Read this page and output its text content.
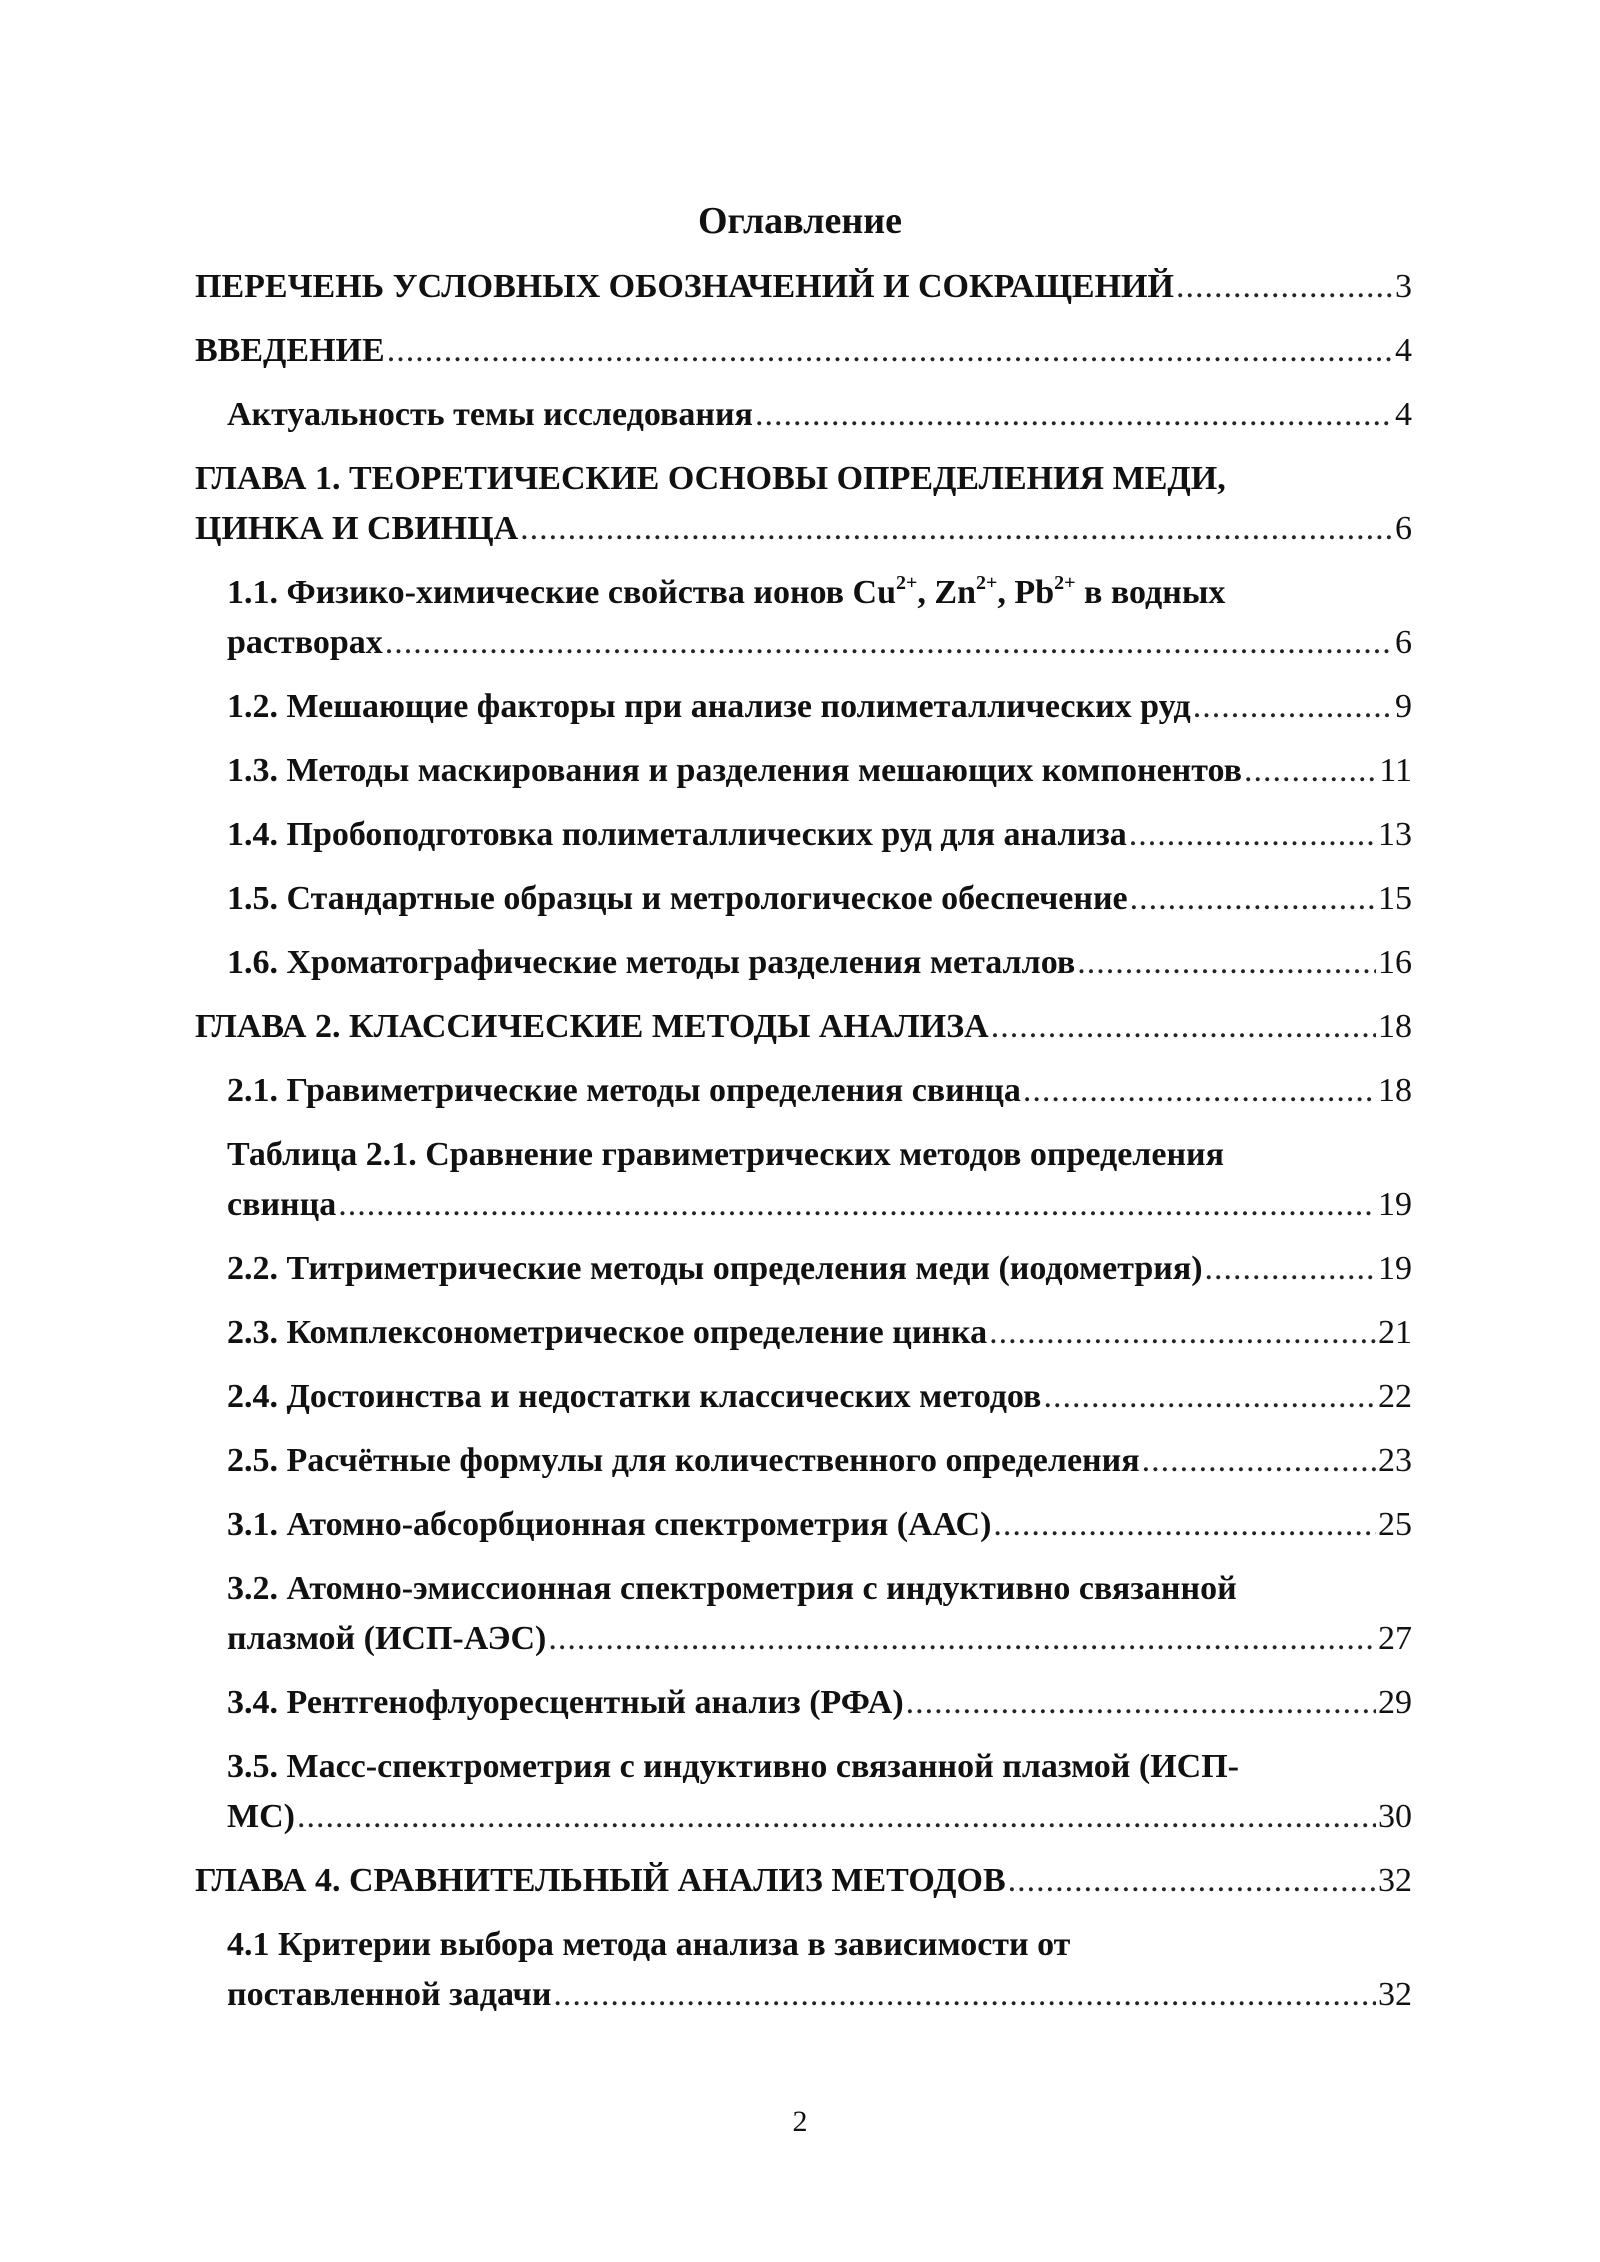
Оглавление
ПЕРЕЧЕНЬ УСЛОВНЫХ ОБОЗНАЧЕНИЙ И СОКРАЩЕНИЙ .....	3
ВВЕДЕНИЕ .....	4
Актуальность темы исследования .....	4
ГЛАВА 1. ТЕОРЕТИЧЕСКИЕ ОСНОВЫ ОПРЕДЕЛЕНИЯ МЕДИ,
ЦИНКА И СВИНЦА .....	6
1.1. Физико-химические свойства ионов $Cu^{2+}$, $Zn^{2+}$, $Pb^{2+}$ в водных
растворах .....	6
1.2. Мешающие факторы при анализе полиметаллических руд .....	9
1.3. Методы маскирования и разделения мешающих компонентов .....	11
1.4. Пробоподготовка полиметаллических руд для анализа .....	13
1.5. Стандартные образцы и метрологическое обеспечение .....	15
1.6. Хроматографические методы разделения металлов .....	16
ГЛАВА 2. КЛАССИЧЕСКИЕ МЕТОДЫ АНАЛИЗА .....	18
2.1. Гравиметрические методы определения свинца .....	18
Таблица 2.1. Сравнение гравиметрических методов определения
свинца .....	19
2.2. Титриметрические методы определения меди (иодометрия) .....	19
2.3. Комплексонометрическое определение цинка .....	21
2.4. Достоинства и недостатки классических методов .....	22
2.5. Расчётные формулы для количественного определения .....	23
3.1. Атомно-абсорбционная спектрометрия (ААС) .....	25
3.2. Атомно-эмиссионная спектрометрия с индуктивно связанной
плазмой (ИСП-АЭС) .....	27
3.4. Рентгенофлуоресцентный анализ (РФА) .....	29
3.5. Масс-спектрометрия с индуктивно связанной плазмой (ИСП-
МС) .....	30
ГЛАВА 4. СРАВНИТЕЛЬНЫЙ АНАЛИЗ МЕТОДОВ .....	32
4.1 Критерии выбора метода анализа в зависимости от
поставленной задачи .....	32
2
